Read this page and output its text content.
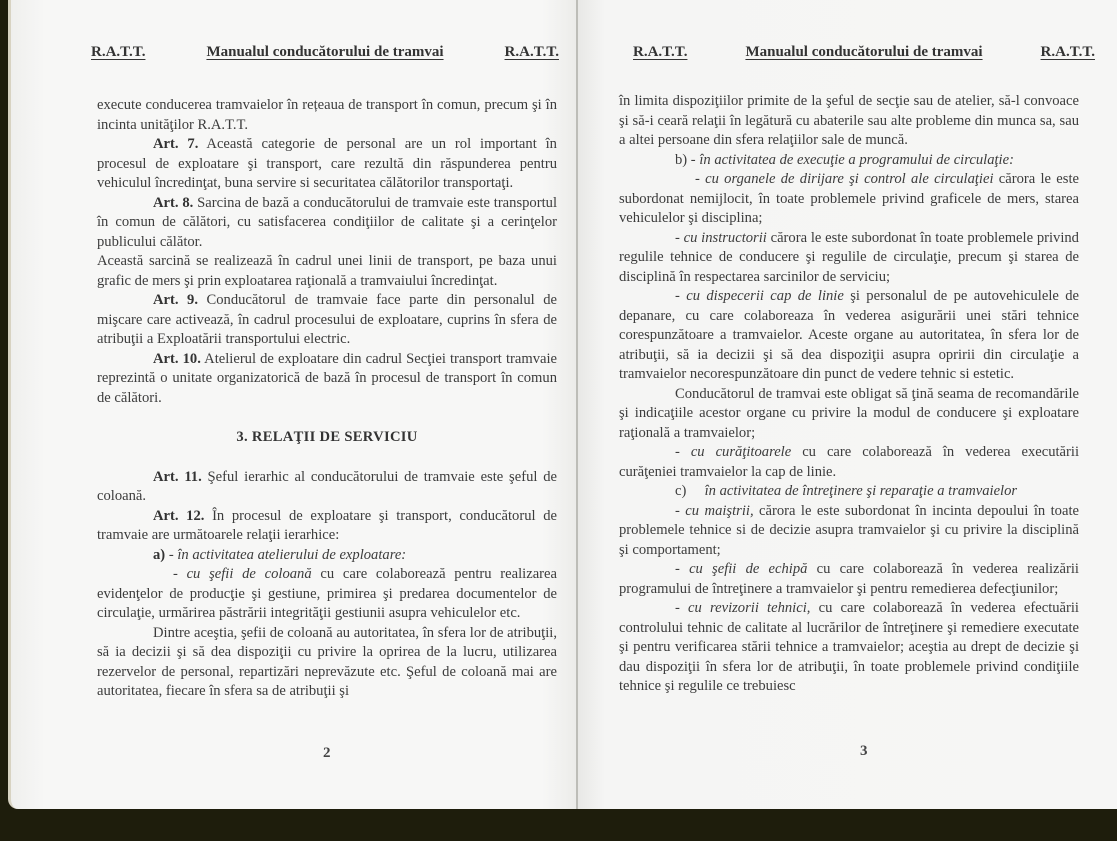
R.A.T.T.	Manualul conducătorului de tramvai	R.A.T.T.

execute conducerea tramvaielor în rețeaua de transport în comun, precum şi în incinta unităţilor R.A.T.T.

Art. 7. Această categorie de personal are un rol important în procesul de exploatare şi transport, care rezultă din răspunderea pentru vehiculul încredinţat, buna servire si securitatea călătorilor transportaţi.

Art. 8. Sarcina de bază a conducătorului de tramvaie este transportul în comun de călători, cu satisfacerea condiţiilor de calitate şi a cerinţelor publicului călător.

Această sarcină se realizează în cadrul unei linii de transport, pe baza unui grafic de mers şi prin exploatarea raţională a tramvaiului încredinţat.

Art. 9. Conducătorul de tramvaie face parte din personalul de mişcare care activează, în cadrul procesului de exploatare, cuprins în sfera de atribuţii a Exploatării transportului electric.

Art. 10. Atelierul de exploatare din cadrul Secţiei transport tramvaie reprezintă o unitate organizatorică de bază în procesul de transport în comun de călători.

3. RELAŢII DE SERVICIU

Art. 11. Şeful ierarhic al conducătorului de tramvaie este şeful de coloană.

Art. 12. În procesul de exploatare şi transport, conducătorul de tramvaie are următoarele relaţii ierarhice:

a) - în activitatea atelierului de exploatare:

- cu şefii de coloană cu care colaborează pentru realizarea evidenţelor de producţie şi gestiune, primirea şi predarea documentelor de circulaţie, urmărirea păstrării integrităţii gestiunii asupra vehiculelor etc.

Dintre aceştia, şefii de coloană au autoritatea, în sfera lor de atribuţii, să ia decizii şi să dea dispoziţii cu privire la oprirea de la lucru, utilizarea rezervelor de personal, repartizări neprevăzute etc. Şeful de coloană mai are autoritatea, fiecare în sfera sa de atribuţii şi

2
R.A.T.T.	Manualul conducătorului de tramvai	R.A.T.T.

în limita dispoziţiilor primite de la şeful de secţie sau de atelier, să-l convoace şi să-i ceară relaţii în legătură cu abaterile sau alte probleme din munca sa, sau a altei persoane din sfera relaţiilor sale de muncă.

b) - în activitatea de execuţie a programului de circulaţie:

- cu organele de dirijare şi control ale circulaţiei cărora le este subordonat nemijlocit, în toate problemele privind graficele de mers, starea vehiculelor şi disciplina;

- cu instructorii cărora le este subordonat în toate problemele privind regulile tehnice de conducere şi regulile de circulaţie, precum şi starea de disciplină în respectarea sarcinilor de serviciu;

- cu dispecerii cap de linie şi personalul de pe autovehiculele de depanare, cu care colaboreaza în vederea asigurării unei stări tehnice corespunzătoare a tramvaielor. Aceste organe au autoritatea, în sfera lor de atribuţii, să ia decizii şi să dea dispoziţii asupra opririi din circulaţie a tramvaielor necorespunzătoare din punct de vedere tehnic si estetic.

Conducătorul de tramvai este obligat să ţină seama de recomandările şi indicaţiile acestor organe cu privire la modul de conducere şi exploatare raţională a tramvaielor;

- cu curăţitoarele cu care colaborează în vederea executării curăţeniei tramvaielor la cap de linie.

c) în activitatea de întreţinere şi reparaţie a tramvaielor

- cu maiştrii, cărora le este subordonat în incinta depoului în toate problemele tehnice si de decizie asupra tramvaielor şi cu privire la disciplină şi comportament;

- cu şefii de echipă cu care colaborează în vederea realizării programului de întreţinere a tramvaielor şi pentru remedierea defecţiunilor;

- cu revizorii tehnici, cu care colaborează în vederea efectuării controlului tehnic de calitate al lucrărilor de întreţinere şi remediere executate şi pentru verificarea stării tehnice a tramvaielor; aceştia au drept de decizie şi dau dispoziţii în sfera lor de atribuţii, în toate problemele privind condiţiile tehnice şi regulile ce trebuiesc

3
